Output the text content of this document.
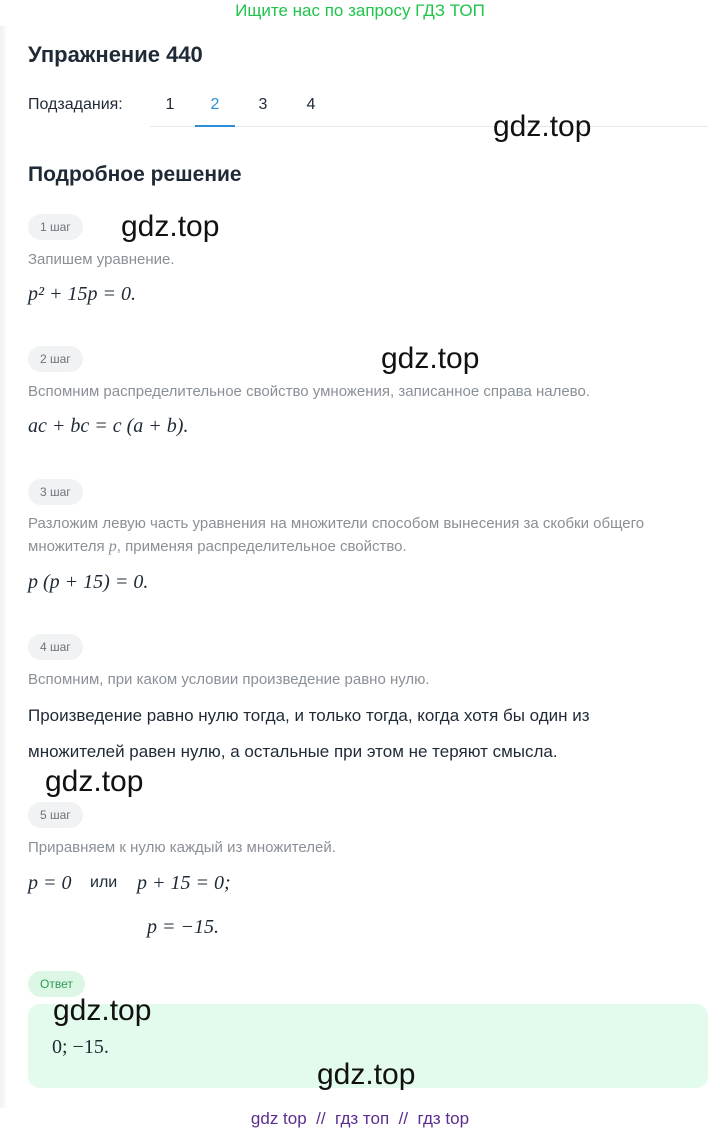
Ищите нас по запросу ГДЗ ТОП
Упражнение 440
Подзадания:	1	2	3	4
Подробное решение
1 шаг
Запишем уравнение.
p² + 15p = 0.
2 шаг
Вспомним распределительное свойство умножения, записанное справа налево.
ac + bc = c (a + b).
3 шаг
Разложим левую часть уравнения на множители способом вынесения за скобки общего множителя p, применяя распределительное свойство.
p (p + 15) = 0.
4 шаг
Вспомним, при каком условии произведение равно нулю.
Произведение равно нулю тогда, и только тогда, когда хотя бы один из множителей равен нулю, а остальные при этом не теряют смысла.
5 шаг
Приравняем к нулю каждый из множителей.
p = 0 или p + 15 = 0;
p = −15.
Ответ
0; −15.
gdz.top
gdz.top
gdz.top
gdz.top
gdz.top
gdz.top
gdz top // гдз топ // гдз top
